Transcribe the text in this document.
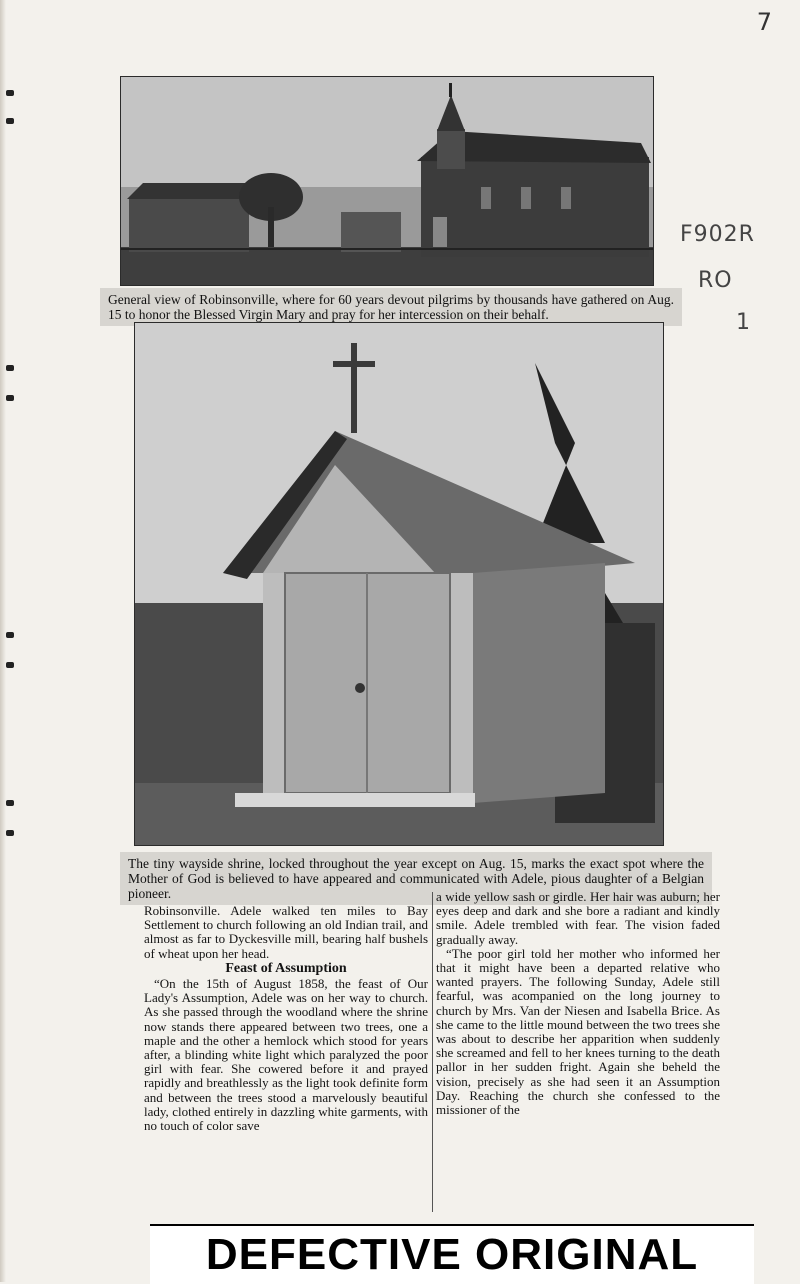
7
General view of Robinsonville, where for 60 years devout pilgrims by thousands have gathered on Aug. 15 to honor the Blessed Virgin Mary and pray for her intercession on their behalf.
F902R
RO
1
The tiny wayside shrine, locked throughout the year except on Aug. 15, marks the exact spot where the Mother of God is believed to have appeared and communicated with Adele, pious daughter of a Belgian pioneer.

Robinsonville. Adele walked ten miles to Bay Settlement to church following an old Indian trail, and almost as far to Dyckesville mill, bearing half bushels of wheat upon her head.

Feast of Assumption

“On the 15th of August 1858, the feast of Our Lady's Assumption, Adele was on her way to church. As she passed through the woodland where the shrine now stands there appeared between two trees, one a maple and the other a hemlock which stood for years after, a blinding white light which paralyzed the poor girl with fear. She cowered before it and prayed rapidly and breathlessly as the light took definite form and between the trees stood a marvelously beautiful lady, clothed entirely in dazzling white garments, with no touch of color save

a wide yellow sash or girdle. Her hair was auburn; her eyes deep and dark and she bore a radiant and kindly smile. Adele trembled with fear. The vision faded gradually away.

“The poor girl told her mother who informed her that it might have been a departed relative who wanted prayers. The following Sunday, Adele still fearful, was acompanied on the long journey to church by Mrs. Van der Niesen and Isabella Brice. As she came to the little mound between the two trees she was about to describe her apparition when suddenly she screamed and fell to her knees turning to the death pallor in her sudden fright. Again she beheld the vision, precisely as she had seen it an Assumption Day. Reaching the church she confessed to the missioner of the

DEFECTIVE ORIGINAL
